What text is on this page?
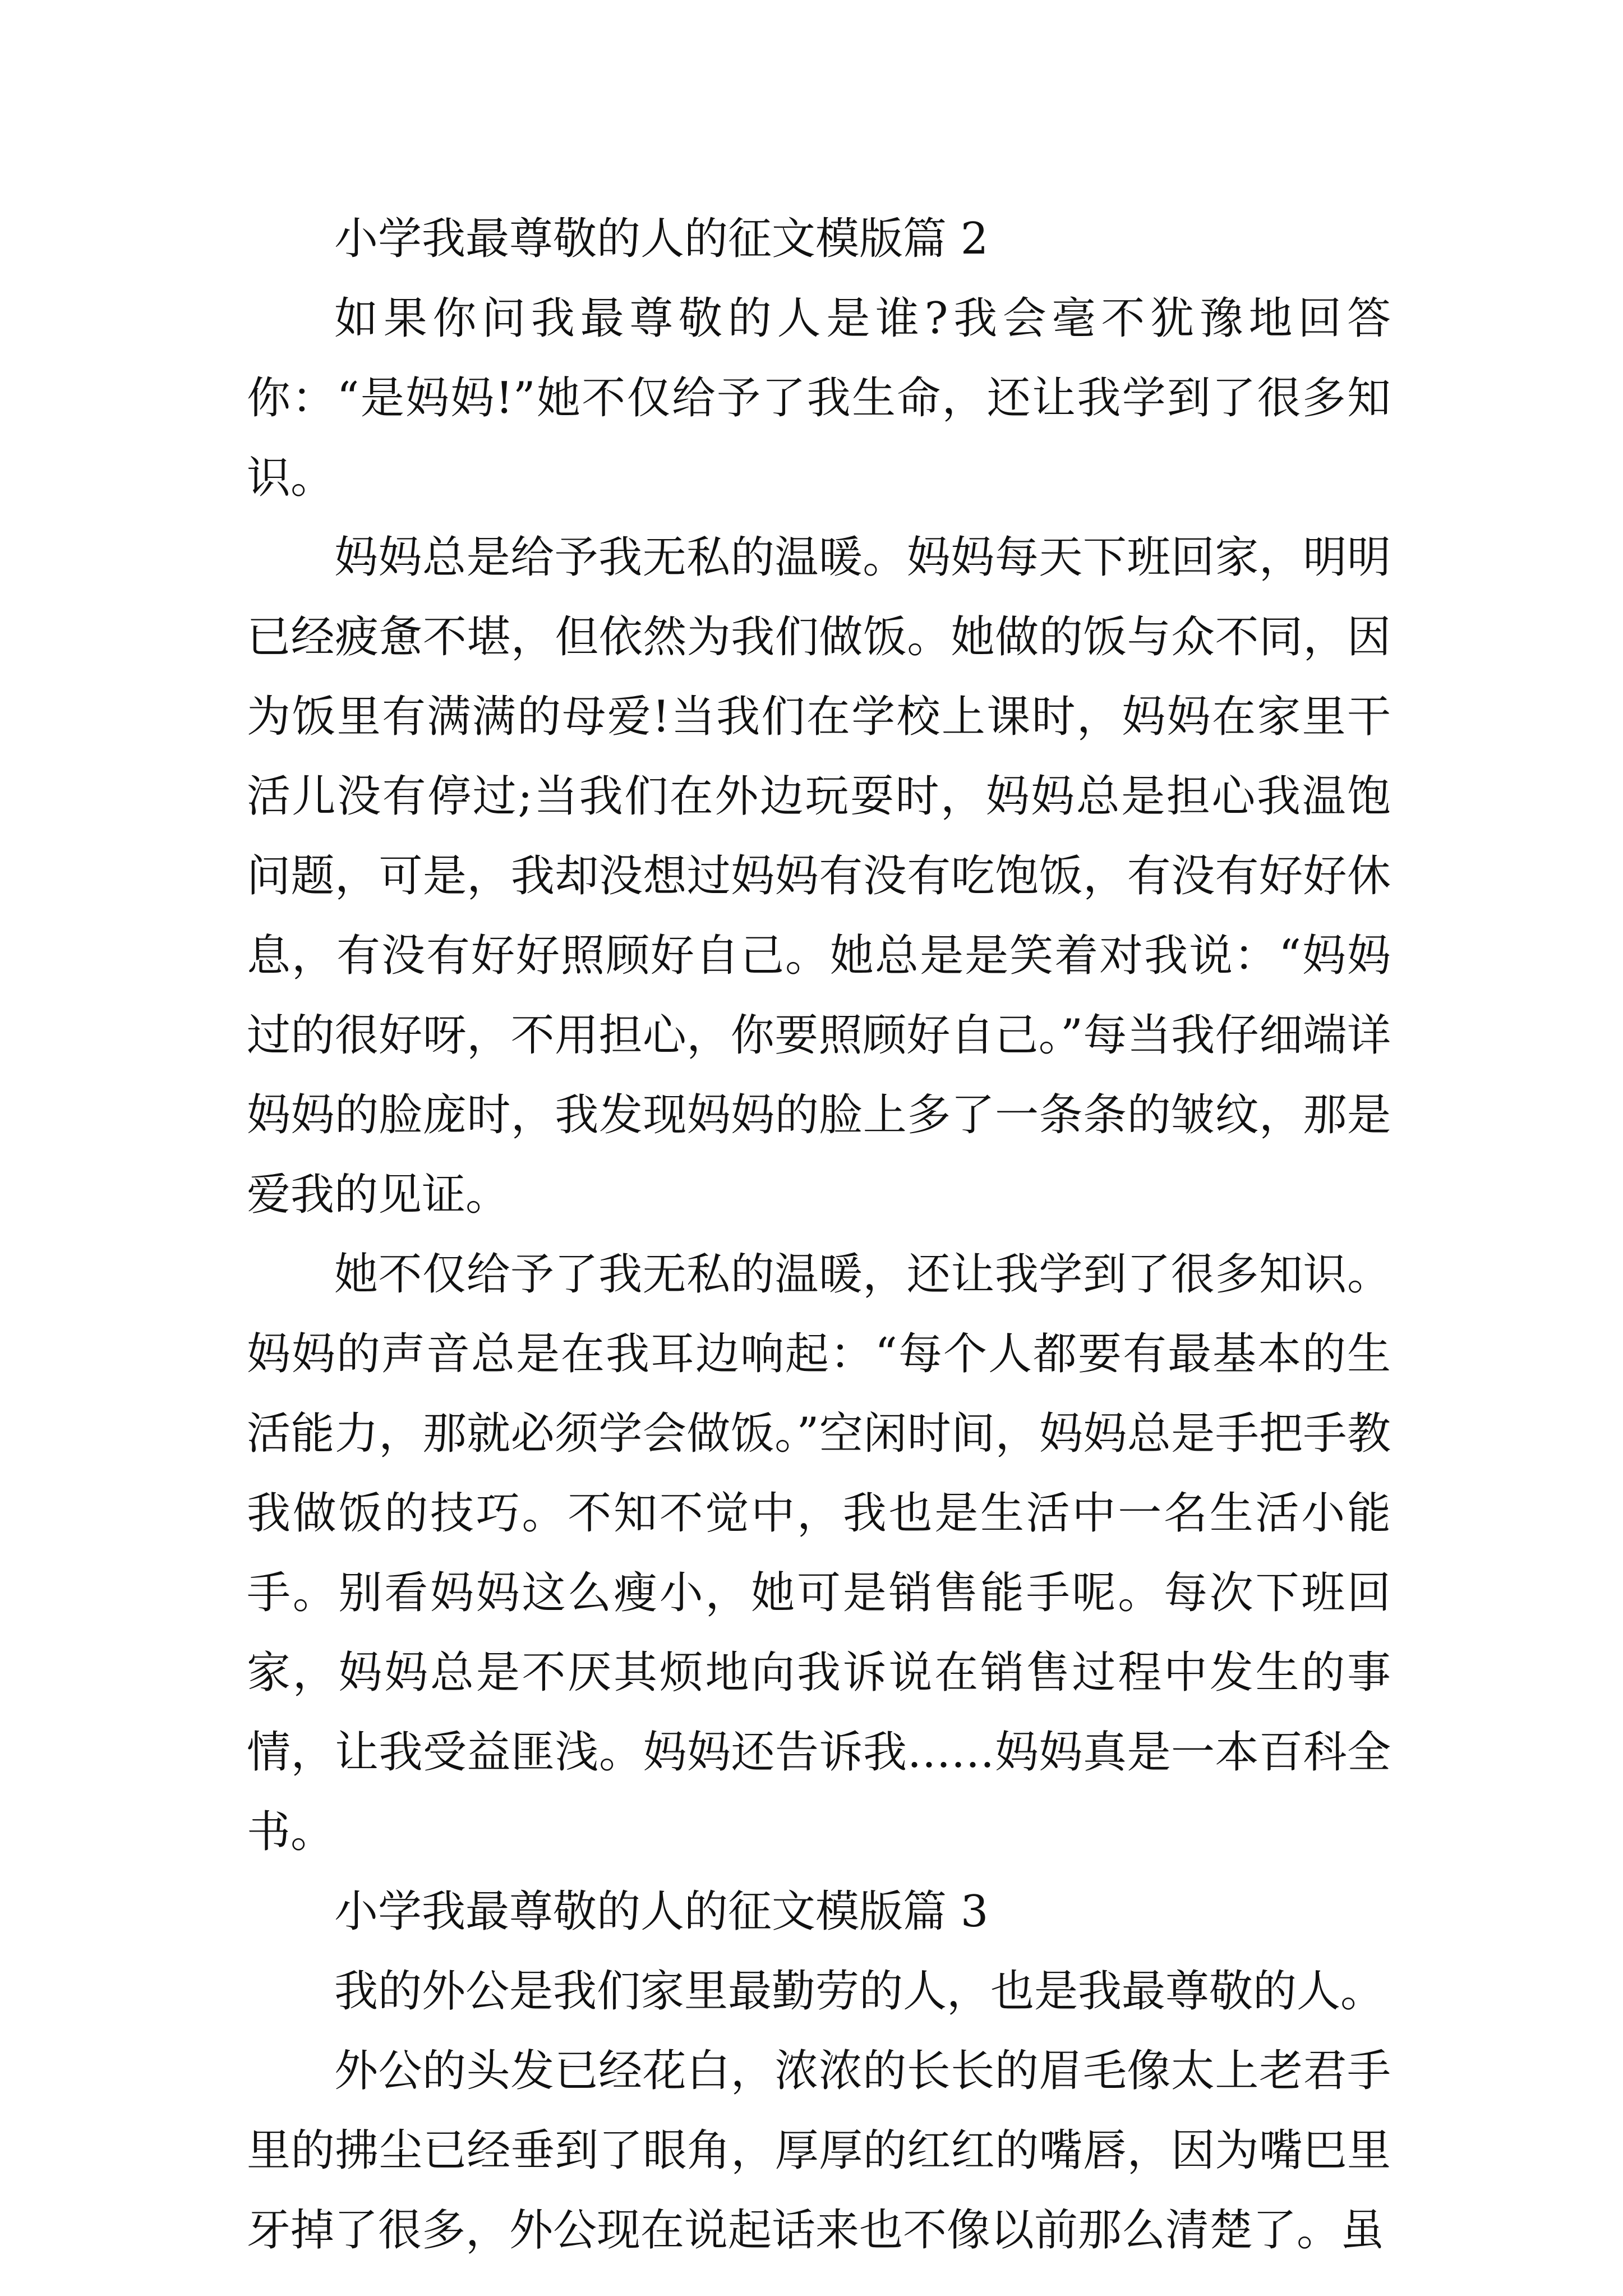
小学我最尊敬的人的征文模版篇 2

如果你问我最尊敬的人是谁?我会毫不犹豫地回答你：“是妈妈!”她不仅给予了我生命，还让我学到了很多知识。

妈妈总是给予我无私的温暖。妈妈每天下班回家，明明已经疲惫不堪，但依然为我们做饭。她做的饭与众不同，因为饭里有满满的母爱!当我们在学校上课时，妈妈在家里干活儿没有停过;当我们在外边玩耍时，妈妈总是担心我温饱问题，可是，我却没想过妈妈有没有吃饱饭，有没有好好休息，有没有好好照顾好自己。她总是是笑着对我说：“妈妈过的很好呀，不用担心，你要照顾好自己。”每当我仔细端详妈妈的脸庞时，我发现妈妈的脸上多了一条条的皱纹，那是爱我的见证。

她不仅给予了我无私的温暖，还让我学到了很多知识。妈妈的声音总是在我耳边响起：“每个人都要有最基本的生活能力，那就必须学会做饭。”空闲时间，妈妈总是手把手教我做饭的技巧。不知不觉中，我也是生活中一名生活小能手。别看妈妈这么瘦小，她可是销售能手呢。每次下班回家，妈妈总是不厌其烦地向我诉说在销售过程中发生的事情，让我受益匪浅。妈妈还告诉我……妈妈真是一本百科全书。

小学我最尊敬的人的征文模版篇 3

我的外公是我们家里最勤劳的人，也是我最尊敬的人。

外公的头发已经花白，浓浓的长长的眉毛像太上老君手里的拂尘已经垂到了眼角，厚厚的红红的嘴唇，因为嘴巴里牙掉了很多，外公现在说起话来也不像以前那么清楚了。虽
